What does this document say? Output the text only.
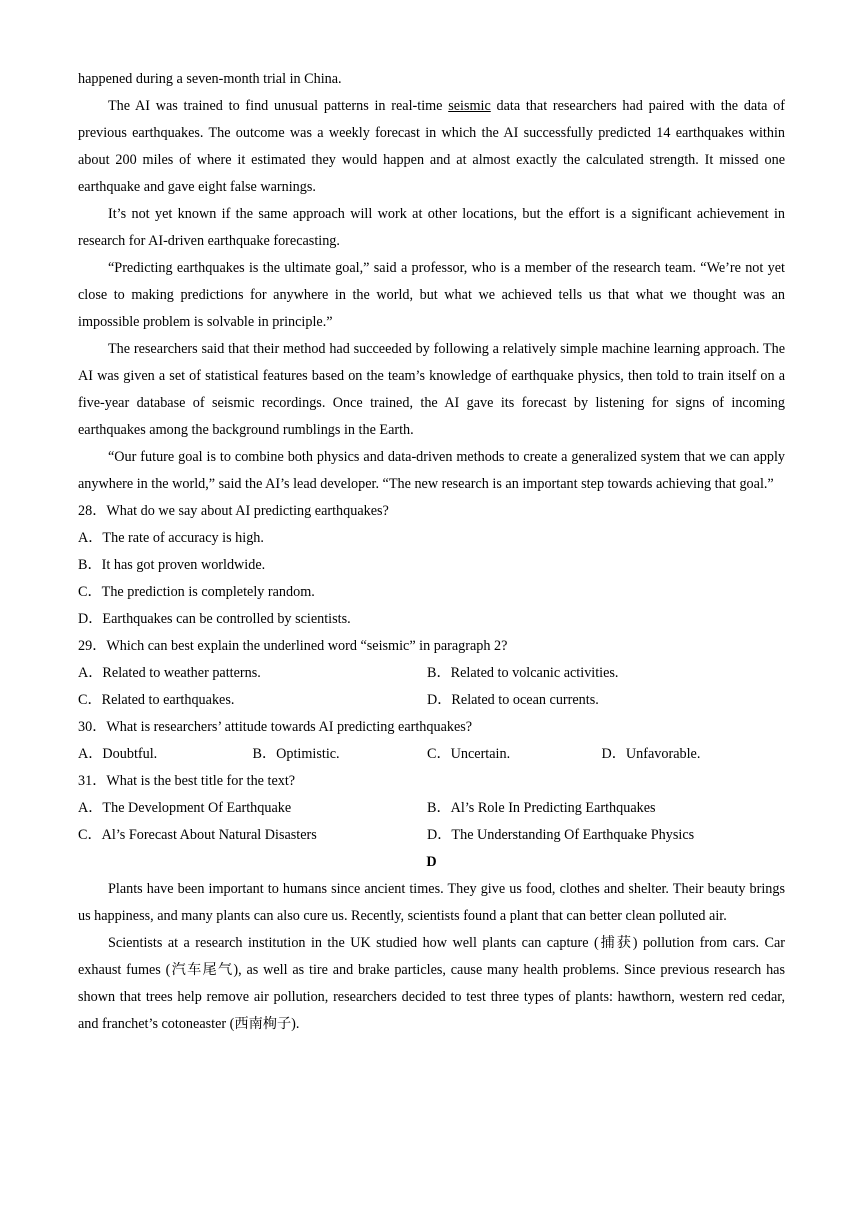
happened during a seven-month trial in China.
The AI was trained to find unusual patterns in real-time seismic data that researchers had paired with the data of previous earthquakes. The outcome was a weekly forecast in which the AI successfully predicted 14 earthquakes within about 200 miles of where it estimated they would happen and at almost exactly the calculated strength. It missed one earthquake and gave eight false warnings.
It’s not yet known if the same approach will work at other locations, but the effort is a significant achievement in research for AI-driven earthquake forecasting.
“Predicting earthquakes is the ultimate goal,” said a professor, who is a member of the research team. “We’re not yet close to making predictions for anywhere in the world, but what we achieved tells us that what we thought was an impossible problem is solvable in principle.”
The researchers said that their method had succeeded by following a relatively simple machine learning approach. The AI was given a set of statistical features based on the team’s knowledge of earthquake physics, then told to train itself on a five-year database of seismic recordings. Once trained, the AI gave its forecast by listening for signs of incoming earthquakes among the background rumblings in the Earth.
“Our future goal is to combine both physics and data-driven methods to create a generalized system that we can apply anywhere in the world,” said the AI’s lead developer. “The new research is an important step towards achieving that goal.”
28．What do we say about AI predicting earthquakes?
A．The rate of accuracy is high.
B．It has got proven worldwide.
C．The prediction is completely random.
D．Earthquakes can be controlled by scientists.
29．Which can best explain the underlined word “seismic” in paragraph 2?
A．Related to weather patterns.	B．Related to volcanic activities.
C．Related to earthquakes.	D．Related to ocean currents.
30．What is researchers’ attitude towards AI predicting earthquakes?
A．Doubtful.	B．Optimistic.	C．Uncertain.	D．Unfavorable.
31．What is the best title for the text?
A．The Development Of Earthquake	B．Al’s Role In Predicting Earthquakes
C．Al’s Forecast About Natural Disasters	D．The Understanding Of Earthquake Physics
D
Plants have been important to humans since ancient times. They give us food, clothes and shelter. Their beauty brings us happiness, and many plants can also cure us. Recently, scientists found a plant that can better clean polluted air.
Scientists at a research institution in the UK studied how well plants can capture (捕获) pollution from cars. Car exhaust fumes (汽车尾气), as well as tire and brake particles, cause many health problems. Since previous research has shown that trees help remove air pollution, researchers decided to test three types of plants: hawthorn, western red cedar, and franchet’s cotoneaster (西南栒子).
